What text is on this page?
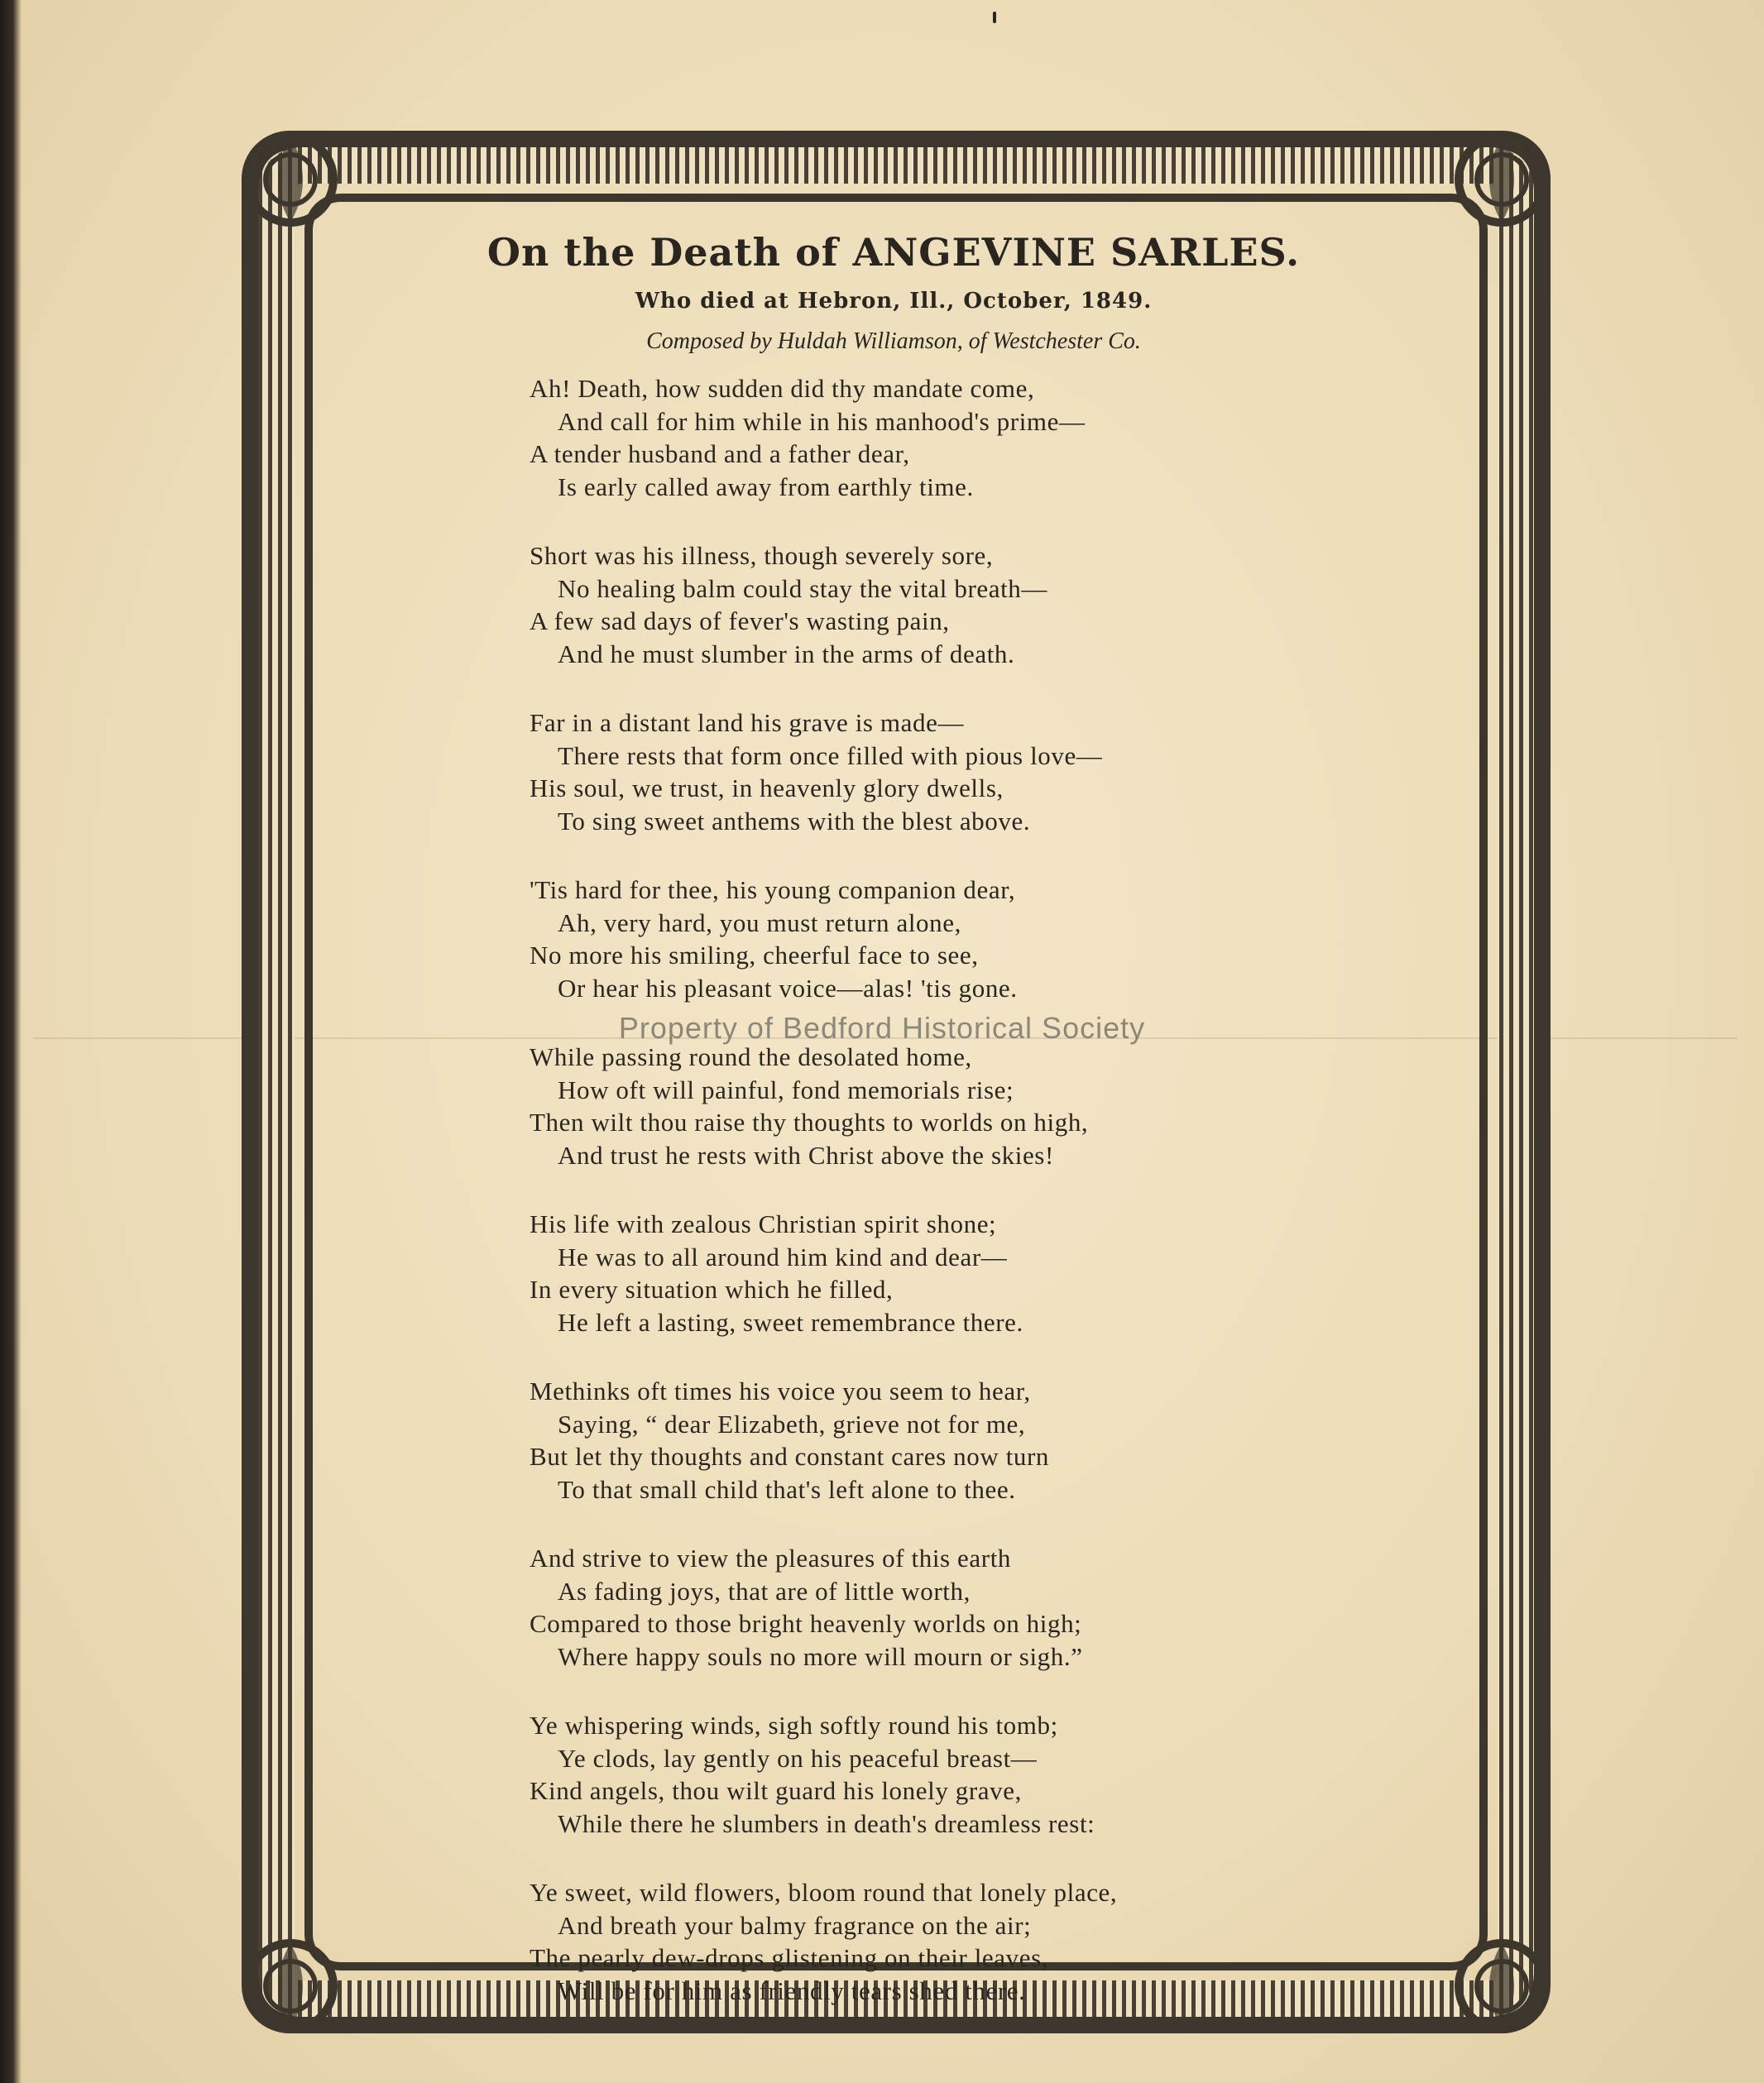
On the Death of ANGEVINE SARLES.
Who died at Hebron, Ill., October, 1849.
Composed by Huldah Williamson, of Westchester Co.
Ah! Death, how sudden did thy mandate come,
And call for him while in his manhood's prime—
A tender husband and a father dear,
Is early called away from earthly time.
Short was his illness, though severely sore,
No healing balm could stay the vital breath—
A few sad days of fever's wasting pain,
And he must slumber in the arms of death.
Far in a distant land his grave is made—
There rests that form once filled with pious love—
His soul, we trust, in heavenly glory dwells,
To sing sweet anthems with the blest above.
'Tis hard for thee, his young companion dear,
Ah, very hard, you must return alone,
No more his smiling, cheerful face to see,
Or hear his pleasant voice—alas! 'tis gone.
While passing round the desolated home,
How oft will painful, fond memorials rise;
Then wilt thou raise thy thoughts to worlds on high,
And trust he rests with Christ above the skies!
His life with zealous Christian spirit shone;
He was to all around him kind and dear—
In every situation which he filled,
He left a lasting, sweet remembrance there.
Methinks oft times his voice you seem to hear,
Saying, “ dear Elizabeth, grieve not for me,
But let thy thoughts and constant cares now turn
To that small child that's left alone to thee.
And strive to view the pleasures of this earth
As fading joys, that are of little worth,
Compared to those bright heavenly worlds on high;
Where happy souls no more will mourn or sigh.”
Ye whispering winds, sigh softly round his tomb;
Ye clods, lay gently on his peaceful breast—
Kind angels, thou wilt guard his lonely grave,
While there he slumbers in death's dreamless rest:
Ye sweet, wild flowers, bloom round that lonely place,
And breath your balmy fragrance on the air;
The pearly dew-drops glistening on their leaves,
Will be for him as friendly tears shed there.
Property of Bedford Historical Society
